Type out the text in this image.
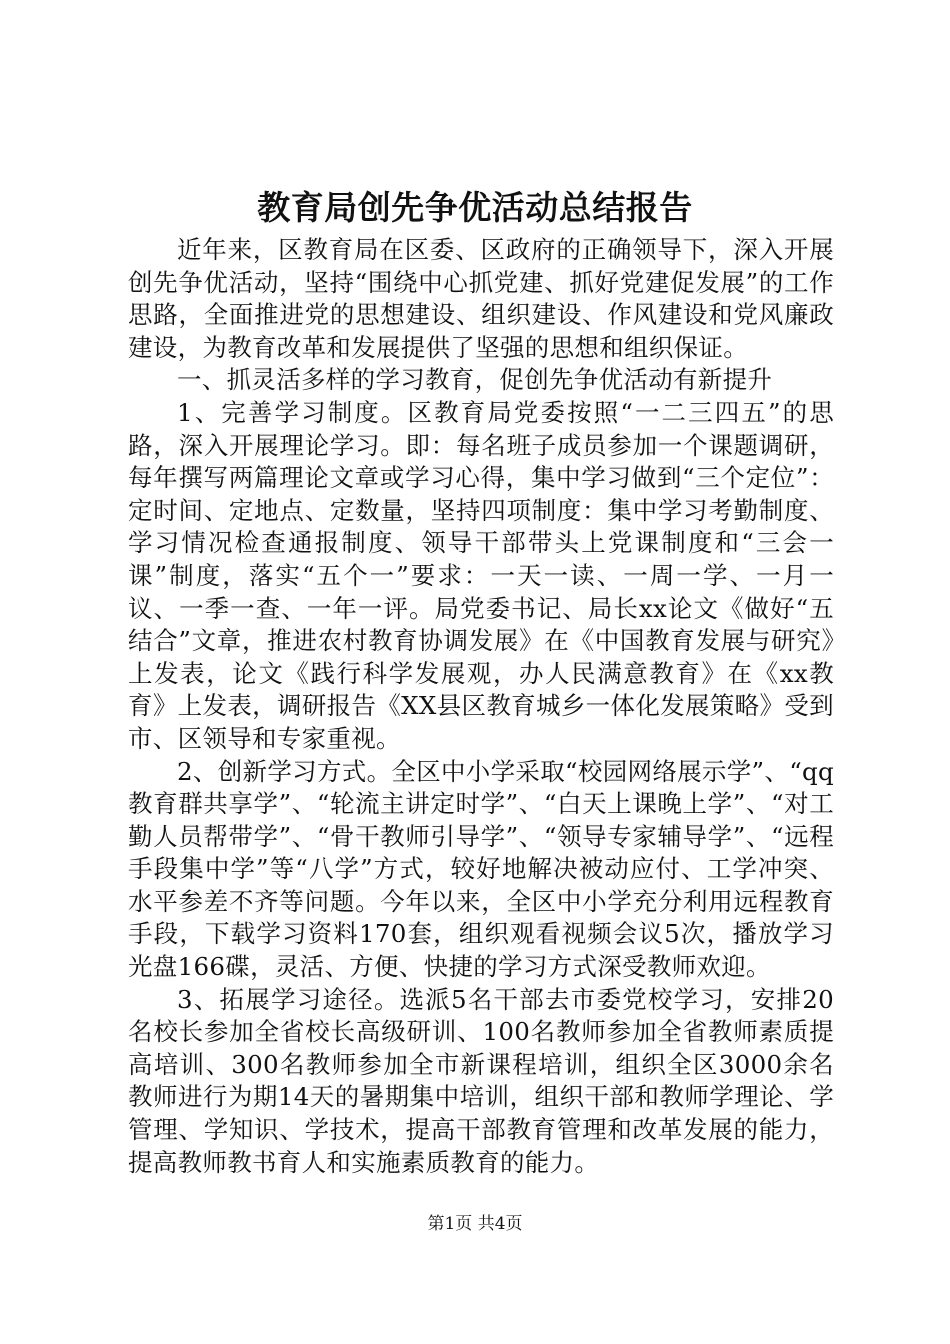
教育局创先争优活动总结报告

近年来，区教育局在区委、区政府的正确领导下，深入开展创先争优活动，坚持“围绕中心抓党建、抓好党建促发展”的工作思路，全面推进党的思想建设、组织建设、作风建设和党风廉政建设，为教育改革和发展提供了坚强的思想和组织保证。

一、抓灵活多样的学习教育，促创先争优活动有新提升

1、完善学习制度。区教育局党委按照“一二三四五”的思路，深入开展理论学习。即：每名班子成员参加一个课题调研，每年撰写两篇理论文章或学习心得，集中学习做到“三个定位”：定时间、定地点、定数量，坚持四项制度：集中学习考勤制度、学习情况检查通报制度、领导干部带头上党课制度和“三会一课”制度，落实“五个一”要求：一天一读、一周一学、一月一议、一季一查、一年一评。局党委书记、局长xx论文《做好“五结合”文章，推进农村教育协调发展》在《中国教育发展与研究》上发表，论文《践行科学发展观，办人民满意教育》在《xx教育》上发表，调研报告《XX县区教育城乡一体化发展策略》受到市、区领导和专家重视。

2、创新学习方式。全区中小学采取“校园网络展示学”、“qq教育群共享学”、“轮流主讲定时学”、“白天上课晚上学”、“对工勤人员帮带学”、“骨干教师引导学”、“领导专家辅导学”、“远程手段集中学”等“八学”方式，较好地解决被动应付、工学冲突、水平参差不齐等问题。今年以来，全区中小学充分利用远程教育手段，下载学习资料170套，组织观看视频会议5次，播放学习光盘166碟，灵活、方便、快捷的学习方式深受教师欢迎。

3、拓展学习途径。选派5名干部去市委党校学习，安排20名校长参加全省校长高级研训、100名教师参加全省教师素质提高培训、300名教师参加全市新课程培训，组织全区3000余名教师进行为期14天的暑期集中培训，组织干部和教师学理论、学管理、学知识、学技术，提高干部教育管理和改革发展的能力，提高教师教书育人和实施素质教育的能力。

第1页 共4页
